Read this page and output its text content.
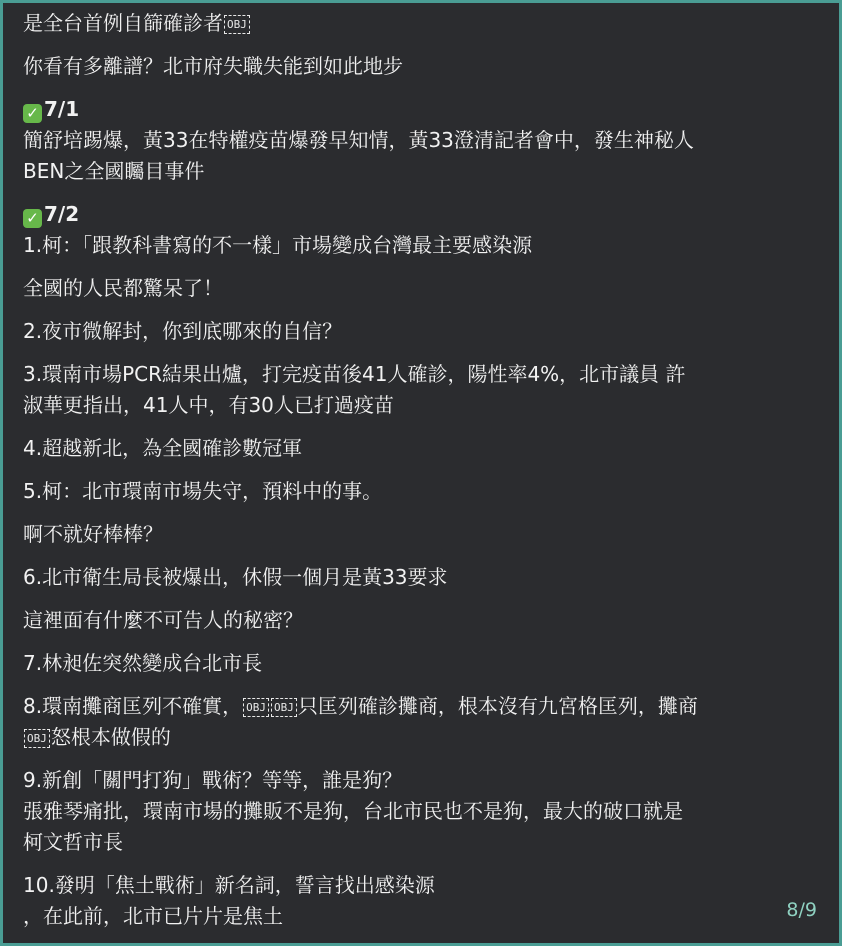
是全台首例自篩確診者 OBJ

你看有多離譜？北市府失職失能到如此地步

✓ 7/1
簡舒培踢爆，黃33在特權疫苗爆發早知情，黃33澄清記者會中，發生神秘人
BEN之全國矚目事件

✓ 7/2
1.柯：「跟教科書寫的不一樣」市場變成台灣最主要感染源

全國的人民都驚呆了！

2.夜市微解封，你到底哪來的自信？

3.環南市場PCR結果出爐，打完疫苗後41人確診，陽性率4%，北市議員 許
淑華更指出，41人中，有30人已打過疫苗

4.超越新北，為全國確診數冠軍

5.柯：北市環南市場失守，預料中的事。

啊不就好棒棒？

6.北市衛生局長被爆出，休假一個月是黃33要求

這裡面有什麼不可告人的秘密？

7.林昶佐突然變成台北市長

8.環南攤商匡列不確實， OBJ OBJ 只匡列確診攤商，根本沒有九宮格匡列，攤商
OBJ 怒根本做假的

9.新創「關門打狗」戰術？等等，誰是狗？
張雅琴痛批，環南市場的攤販不是狗，台北市民也不是狗，最大的破口就是
柯文哲市長

10.發明「焦土戰術」新名詞，誓言找出感染源
，在此前，北市已片片是焦土	8/9
